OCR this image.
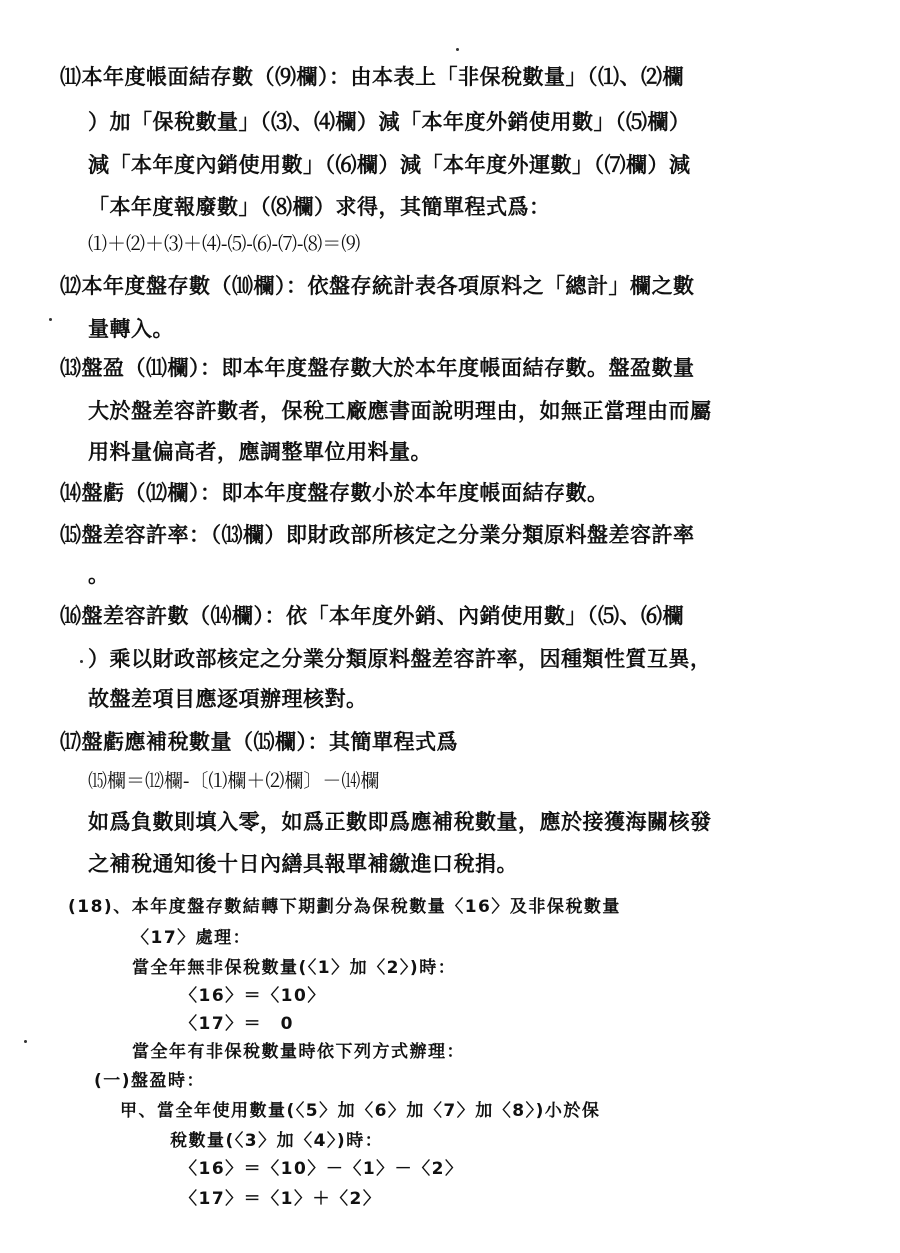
⑾本年度帳面結存數（⑼欄）：由本表上「非保稅數量」（⑴、⑵欄
）加「保稅數量」（⑶、⑷欄）減「本年度外銷使用數」（⑸欄）
減「本年度內銷使用數」（⑹欄）減「本年度外運數」（⑺欄）減
「本年度報廢數」（⑻欄）求得，其簡單程式爲：
⑴＋⑵＋⑶＋⑷-⑸-⑹-⑺-⑻＝⑼
⑿本年度盤存數（⑽欄）：依盤存統計表各項原料之「總計」欄之數
量轉入。
⒀盤盈（⑾欄）：即本年度盤存數大於本年度帳面結存數。盤盈數量
大於盤差容許數者，保稅工廠應書面說明理由，如無正當理由而屬
用料量偏高者，應調整單位用料量。
⒁盤虧（⑿欄）：即本年度盤存數小於本年度帳面結存數。
⒂盤差容許率：（⒀欄）即財政部所核定之分業分類原料盤差容許率
。
⒃盤差容許數（⒁欄）：依「本年度外銷、內銷使用數」（⑸、⑹欄
）乘以財政部核定之分業分類原料盤差容許率，因種類性質互異，
故盤差項目應逐項辦理核對。
⒄盤虧應補稅數量（⒂欄）：其簡單程式爲
⒂欄＝⑿欄-〔⑴欄＋⑵欄〕－⒁欄
如爲負數則填入零，如爲正數即爲應補稅數量，應於接獲海關核發
之補稅通知後十日內繕具報單補繳進口稅捐。
(18)、本年度盤存數結轉下期劃分為保稅數量〈16〉及非保稅數量
〈17〉處理：
當全年無非保稅數量(〈1〉加〈2〉)時：
〈16〉＝〈10〉
〈17〉＝　0
當全年有非保稅數量時依下列方式辦理：
(一)盤盈時：
甲、當全年使用數量(〈5〉加〈6〉加〈7〉加〈8〉)小於保
稅數量(〈3〉加〈4〉)時：
〈16〉＝〈10〉－〈1〉－〈2〉
〈17〉＝〈1〉＋〈2〉
